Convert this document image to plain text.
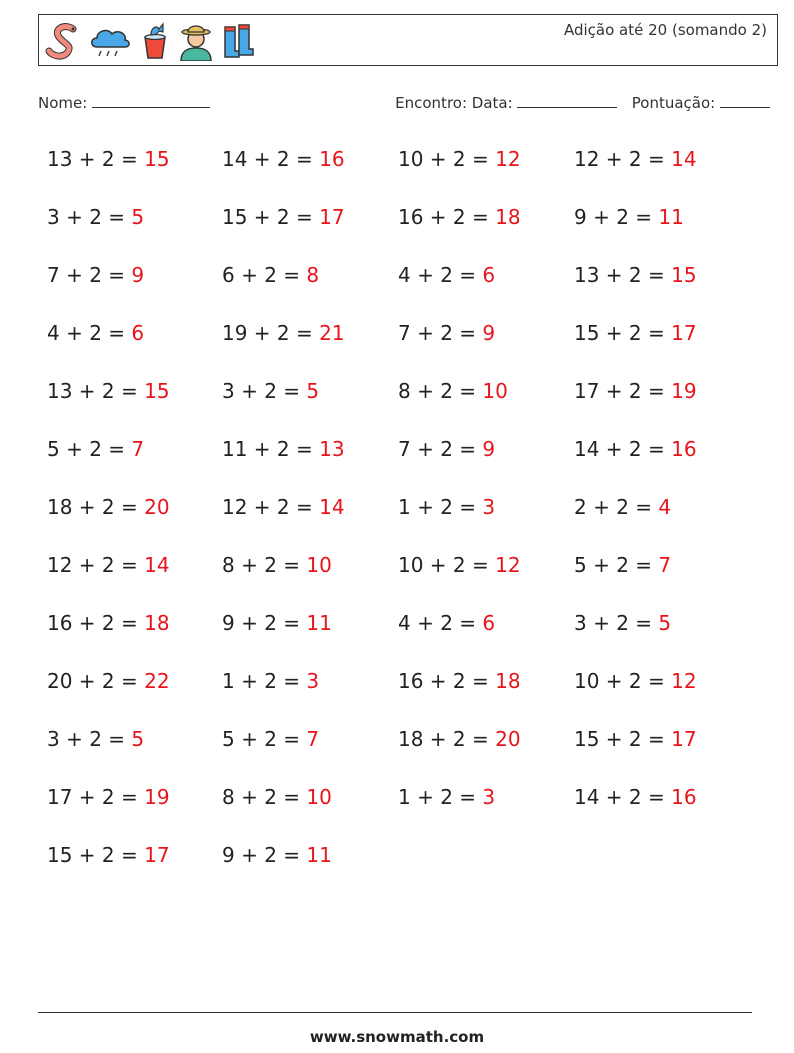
Adição até 20 (somando 2)
Nome:	Encontro: Data:	Pontuação:
13 + 2 = 15	14 + 2 = 16	10 + 2 = 12	12 + 2 = 14
3 + 2 = 5	15 + 2 = 17	16 + 2 = 18	9 + 2 = 11
7 + 2 = 9	6 + 2 = 8	4 + 2 = 6	13 + 2 = 15
4 + 2 = 6	19 + 2 = 21	7 + 2 = 9	15 + 2 = 17
13 + 2 = 15	3 + 2 = 5	8 + 2 = 10	17 + 2 = 19
5 + 2 = 7	11 + 2 = 13	7 + 2 = 9	14 + 2 = 16
18 + 2 = 20	12 + 2 = 14	1 + 2 = 3	2 + 2 = 4
12 + 2 = 14	8 + 2 = 10	10 + 2 = 12	5 + 2 = 7
16 + 2 = 18	9 + 2 = 11	4 + 2 = 6	3 + 2 = 5
20 + 2 = 22	1 + 2 = 3	16 + 2 = 18	10 + 2 = 12
3 + 2 = 5	5 + 2 = 7	18 + 2 = 20	15 + 2 = 17
17 + 2 = 19	8 + 2 = 10	1 + 2 = 3	14 + 2 = 16
15 + 2 = 17	9 + 2 = 11
www.snowmath.com
